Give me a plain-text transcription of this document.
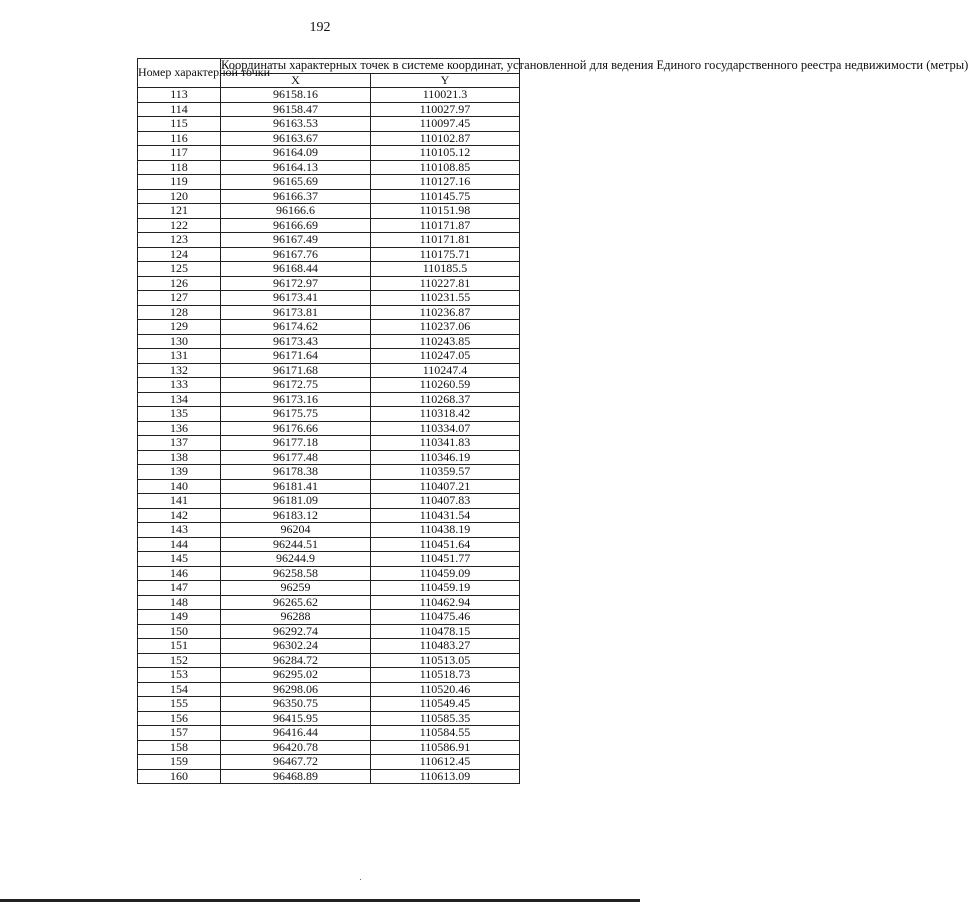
192
Номер характерной точки	Координаты характерных точек в системе координат, установленной для ведения Единого государственного реестра недвижимости (метры)	
	X	Y
113	96158.16	110021.3
114	96158.47	110027.97
115	96163.53	110097.45
116	96163.67	110102.87
117	96164.09	110105.12
118	96164.13	110108.85
119	96165.69	110127.16
120	96166.37	110145.75
121	96166.6	110151.98
122	96166.69	110171.87
123	96167.49	110171.81
124	96167.76	110175.71
125	96168.44	110185.5
126	96172.97	110227.81
127	96173.41	110231.55
128	96173.81	110236.87
129	96174.62	110237.06
130	96173.43	110243.85
131	96171.64	110247.05
132	96171.68	110247.4
133	96172.75	110260.59
134	96173.16	110268.37
135	96175.75	110318.42
136	96176.66	110334.07
137	96177.18	110341.83
138	96177.48	110346.19
139	96178.38	110359.57
140	96181.41	110407.21
141	96181.09	110407.83
142	96183.12	110431.54
143	96204	110438.19
144	96244.51	110451.64
145	96244.9	110451.77
146	96258.58	110459.09
147	96259	110459.19
148	96265.62	110462.94
149	96288	110475.46
150	96292.74	110478.15
151	96302.24	110483.27
152	96284.72	110513.05
153	96295.02	110518.73
154	96298.06	110520.46
155	96350.75	110549.45
156	96415.95	110585.35
157	96416.44	110584.55
158	96420.78	110586.91
159	96467.72	110612.45
160	96468.89	110613.09
